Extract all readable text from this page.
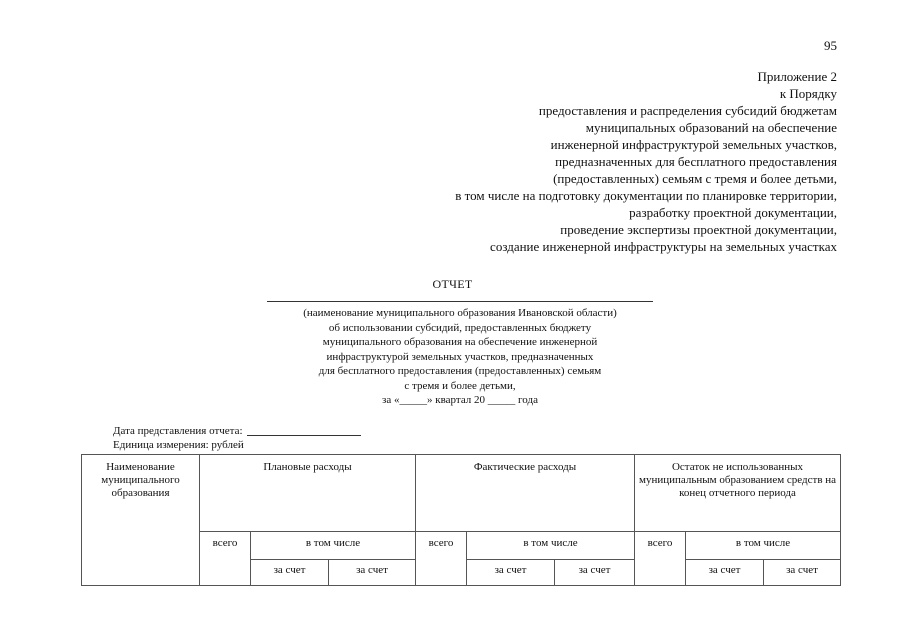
95
Приложение 2
к Порядку
предоставления и распределения субсидий бюджетам
муниципальных образований на обеспечение
инженерной инфраструктурой земельных участков,
предназначенных для бесплатного предоставления
(предоставленных) семьям с тремя и более детьми,
в том числе на подготовку документации по планировке территории,
разработку проектной документации,
проведение экспертизы проектной документации,
создание инженерной инфраструктуры на земельных участках
ОТЧЕТ
(наименование муниципального образования Ивановской области)
об использовании субсидий, предоставленных бюджету
муниципального образования на обеспечение инженерной
инфраструктурой земельных участков, предназначенных
для бесплатного предоставления (предоставленных) семьям
с тремя и более детьми,
за «_____» квартал 20 _____ года
Дата представления отчета:
Единица измерения: рублей
Наименование муниципального образования	Плановые расходы			Фактические расходы			Остаток не использованных муниципальным образованием средств на конец отчетного периода		
	всего	в том числе		всего	в том числе		всего	в том числе	
		за счет	за счет		за счет	за счет		за счет	за счет
